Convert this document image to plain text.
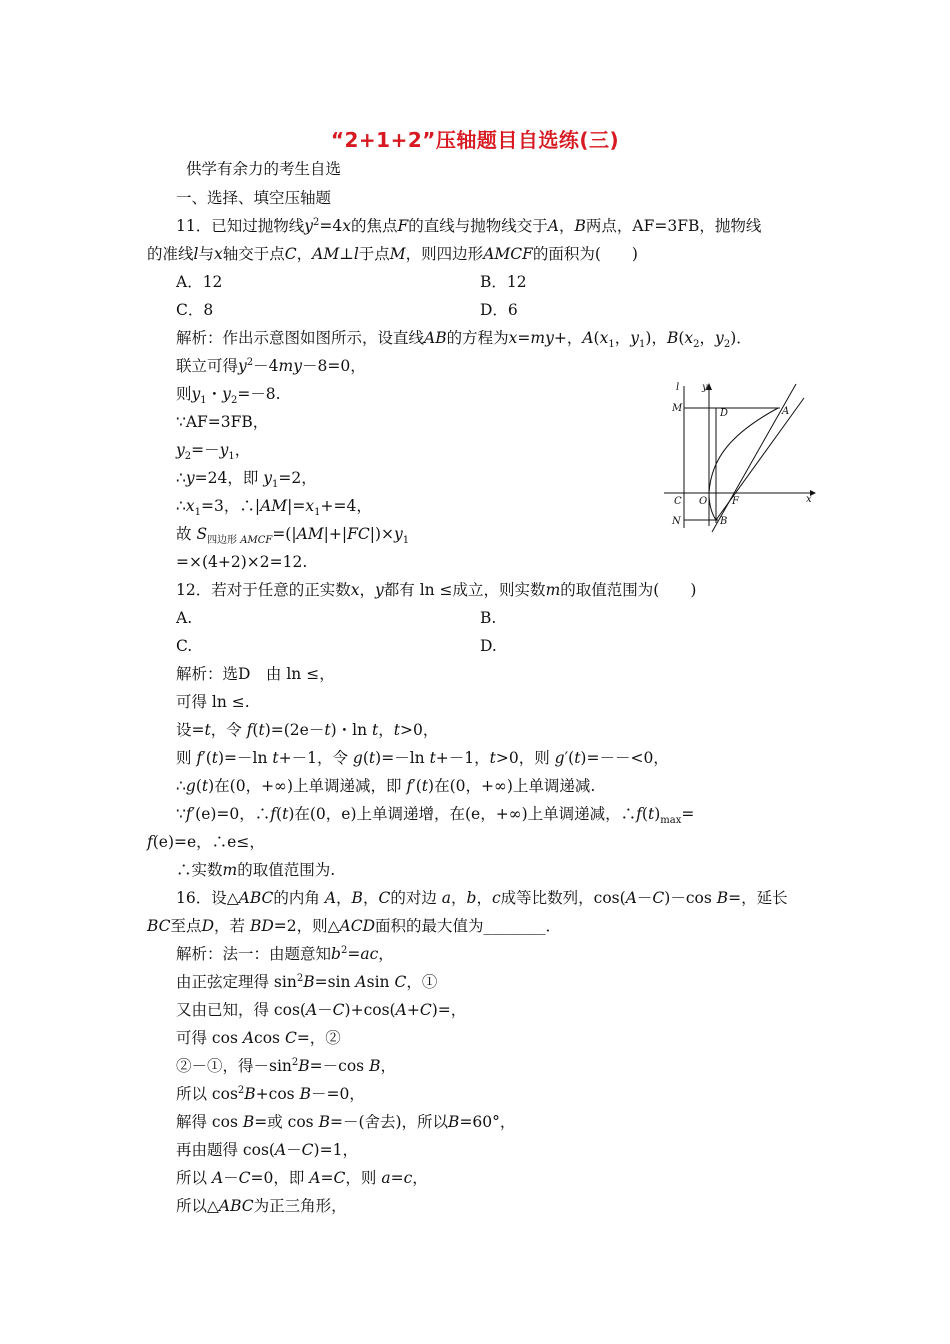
“2+1+2”压轴题目自选练(三)

供学有余力的考生自选

一、选择、填空压轴题

11．已知过抛物线$y^2=4x$的焦点F的直线与抛物线交于A，B两点，AF=3FB，抛物线

的准线l与x轴交于点C，AM⊥l于点M，则四边形AMCF的面积为(　　)

A．12	B．12

C．8	D．6

解析：作出示意图如图所示，设直线AB的方程为x=my+，$A(x_1$，$y_1$)，$B(x_2$，$y_2$)．

联立可得$y^2-4my-8=0$，

则$y_1$・$y_2=-8$.

∵AF=3FB，

$y_2=-y_1$，

∴y=24，即 $y_1=2$，

$\therefore x_1=3$，$\therefore|AM|=x_1+=4$，

故 $S_{四边形 AMCF}=(|AM|+|FC|)\times y_1$

=×(4+2)×2=12.

l y
M	D	A
C O F	x
N	B

12．若对于任意的正实数x，y都有 ln ≤成立，则实数m的取值范围为(　　)

A.	B.

C.	D.

解析：选D　由 ln ≤，

可得 ln ≤.

设=t，令 f(t)=(2e－t)・ln t，t>0，

则 f′(t)=－ln t+－1，令 g(t)=－ln t+－1，t>0，则 g′(t)=－－<0，

∴g(t)在(0，+∞)上单调递减，即 f′(t)在(0，+∞)上单调递减.

∵f′(e)=0，∴f(t)在(0，e)上单调递增，在(e，+∞)上单调递减，$\therefore f(t)_{max}=$

f(e)=e，∴e≤，

∴实数m的取值范围为.

16．设△ABC的内角 A，B，C的对边 a，b，c成等比数列，cos(A－C)－cos B=，延长

BC至点D，若 BD=2，则△ACD面积的最大值为________．

解析：法一：由题意知$b^2=ac$，

由正弦定理得 $\sin^2B=\sin$ Asin C，①

又由已知，得 cos(A－C)+cos(A+C)=，

可得 cos Acos C=，②

②－①，得$-\sin^2B=-\cos$ B，

所以 $\cos^2B+\cos$ B－=0，

解得 cos B=或 cos B=－(舍去)，所以B=60°，

再由题得 cos(A－C)=1，

所以 A－C=0，即 A=C，则 a=c，

所以△ABC为正三角形，
